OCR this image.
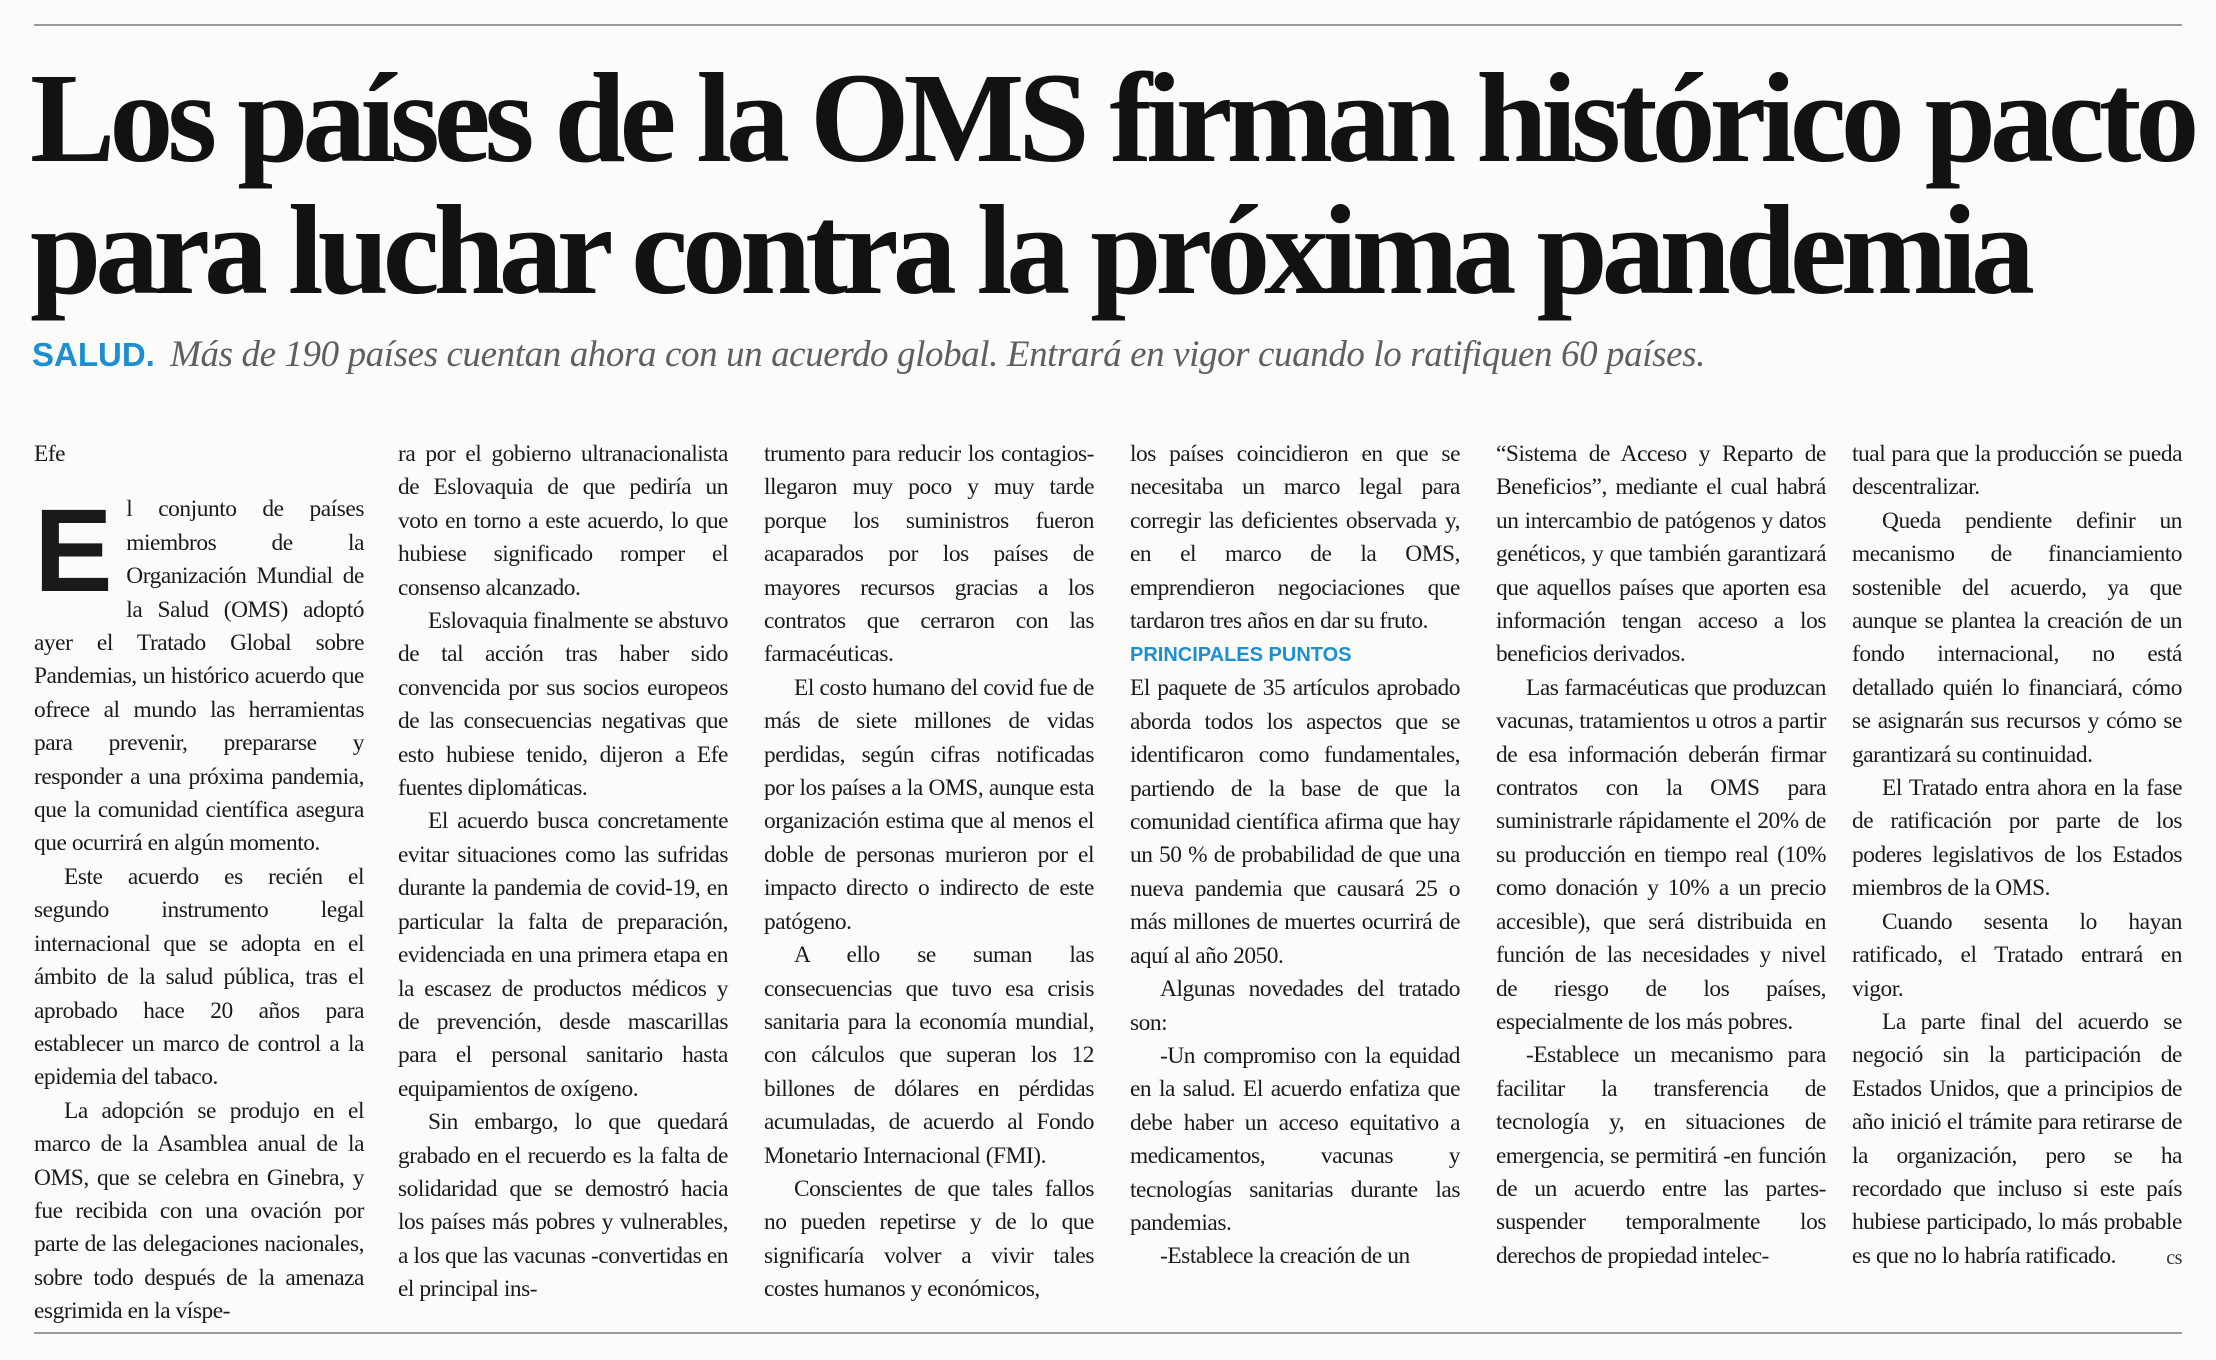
Los países de la OMS firman histórico pacto
para luchar contra la próxima pandemia

SALUD. Más de 190 países cuentan ahora con un acuerdo global. Entrará en vigor cuando lo ratifiquen 60 países.

Efe

El conjunto de países miembros de la Organización Mundial de la Salud (OMS) adoptó ayer el Tratado Global sobre Pandemias, un histórico acuerdo que ofrece al mundo las herramientas para prevenir, prepararse y responder a una próxima pandemia, que la comunidad científica asegura que ocurrirá en algún momento.

Este acuerdo es recién el segundo instrumento legal internacional que se adopta en el ámbito de la salud pública, tras el aprobado hace 20 años para establecer un marco de control a la epidemia del tabaco.

La adopción se produjo en el marco de la Asamblea anual de la OMS, que se celebra en Ginebra, y fue recibida con una ovación por parte de las delegaciones nacionales, sobre todo después de la amenaza esgrimida en la víspe-

ra por el gobierno ultranacionalista de Eslovaquia de que pediría un voto en torno a este acuerdo, lo que hubiese significado romper el consenso alcanzado.

Eslovaquia finalmente se abstuvo de tal acción tras haber sido convencida por sus socios europeos de las consecuencias negativas que esto hubiese tenido, dijeron a Efe fuentes diplomáticas.

El acuerdo busca concretamente evitar situaciones como las sufridas durante la pandemia de covid-19, en particular la falta de preparación, evidenciada en una primera etapa en la escasez de productos médicos y de prevención, desde mascarillas para el personal sanitario hasta equipamientos de oxígeno.

Sin embargo, lo que quedará grabado en el recuerdo es la falta de solidaridad que se demostró hacia los países más pobres y vulnerables, a los que las vacunas -convertidas en el principal ins-

trumento para reducir los contagios- llegaron muy poco y muy tarde porque los suministros fueron acaparados por los países de mayores recursos gracias a los contratos que cerraron con las farmacéuticas.

El costo humano del covid fue de más de siete millones de vidas perdidas, según cifras notificadas por los países a la OMS, aunque esta organización estima que al menos el doble de personas murieron por el impacto directo o indirecto de este patógeno.

A ello se suman las consecuencias que tuvo esa crisis sanitaria para la economía mundial, con cálculos que superan los 12 billones de dólares en pérdidas acumuladas, de acuerdo al Fondo Monetario Internacional (FMI).

Conscientes de que tales fallos no pueden repetirse y de lo que significaría volver a vivir tales costes humanos y económicos,

los países coincidieron en que se necesitaba un marco legal para corregir las deficientes observada y, en el marco de la OMS, emprendieron negociaciones que tardaron tres años en dar su fruto.

PRINCIPALES PUNTOS

El paquete de 35 artículos aprobado aborda todos los aspectos que se identificaron como fundamentales, partiendo de la base de que la comunidad científica afirma que hay un 50 % de probabilidad de que una nueva pandemia que causará 25 o más millones de muertes ocurrirá de aquí al año 2050.

Algunas novedades del tratado son:

-Un compromiso con la equidad en la salud. El acuerdo enfatiza que debe haber un acceso equitativo a medicamentos, vacunas y tecnologías sanitarias durante las pandemias.

-Establece la creación de un

“Sistema de Acceso y Reparto de Beneficios”, mediante el cual habrá un intercambio de patógenos y datos genéticos, y que también garantizará que aquellos países que aporten esa información tengan acceso a los beneficios derivados.

Las farmacéuticas que produzcan vacunas, tratamientos u otros a partir de esa información deberán firmar contratos con la OMS para suministrarle rápidamente el 20% de su producción en tiempo real (10% como donación y 10% a un precio accesible), que será distribuida en función de las necesidades y nivel de riesgo de los países, especialmente de los más pobres.

-Establece un mecanismo para facilitar la transferencia de tecnología y, en situaciones de emergencia, se permitirá -en función de un acuerdo entre las partes- suspender temporalmente los derechos de propiedad intelec-

tual para que la producción se pueda descentralizar.

Queda pendiente definir un mecanismo de financiamiento sostenible del acuerdo, ya que aunque se plantea la creación de un fondo internacional, no está detallado quién lo financiará, cómo se asignarán sus recursos y cómo se garantizará su continuidad.

El Tratado entra ahora en la fase de ratificación por parte de los poderes legislativos de los Estados miembros de la OMS.

Cuando sesenta lo hayan ratificado, el Tratado entrará en vigor.

La parte final del acuerdo se negoció sin la participación de Estados Unidos, que a principios de año inició el trámite para retirarse de la organización, pero se ha recordado que incluso si este país hubiese participado, lo más probable es que no lo habría ratificado.	cs
